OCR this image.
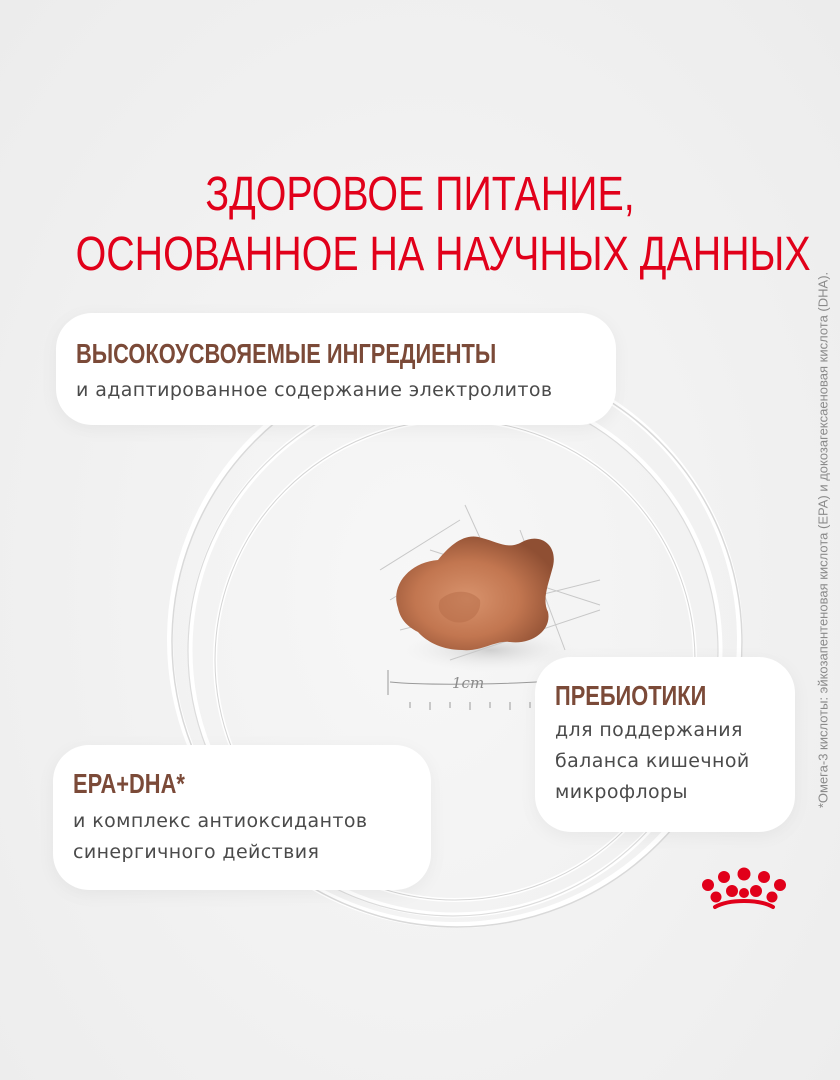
ЗДОРОВОЕ ПИТАНИЕ,
ОСНОВАННОЕ НА НАУЧНЫХ ДАННЫХ
1cm
ВЫСОКОУСВОЯЕМЫЕ ИНГРЕДИЕНТЫ
и адаптированное содержание электролитов
ПРЕБИОТИКИ
для поддержания баланса кишечной микрофлоры
EPA+DHA*
и комплекс антиоксидантов синергичного действия
*Омега-3 кислоты: эйкозапентеновая кислота (EPA) и докозагексаеновая кислота (DHA).
